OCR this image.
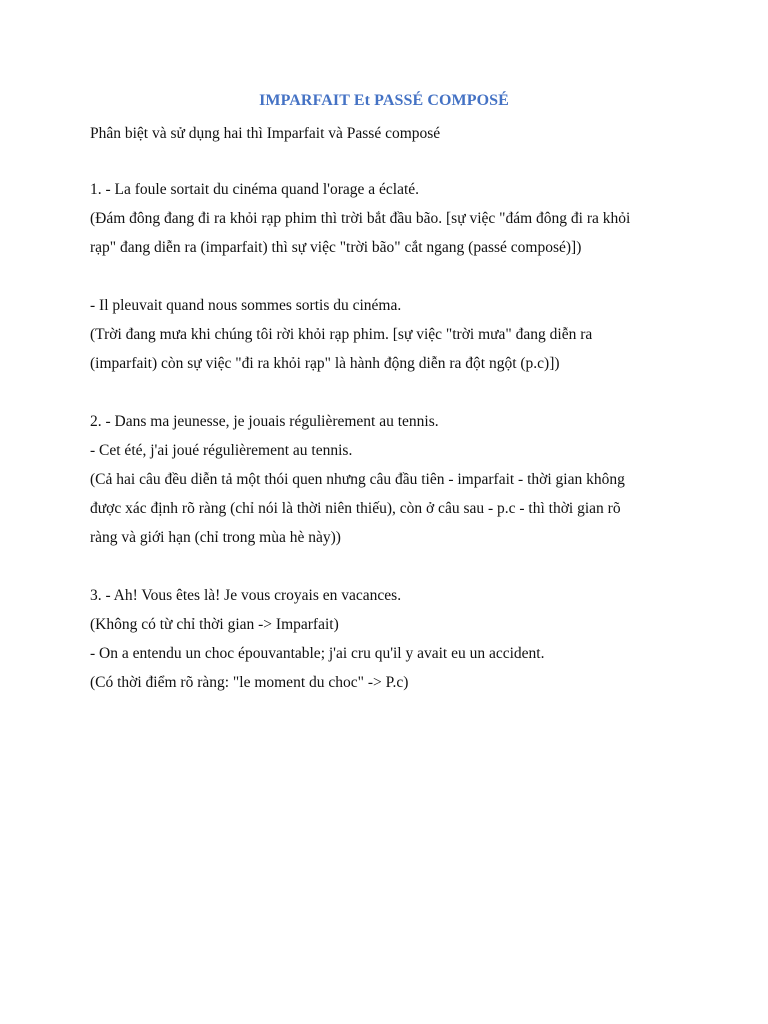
IMPARFAIT Et PASSÉ COMPOSÉ
Phân biệt và sử dụng hai thì Imparfait và Passé composé
1. - La foule sortait du cinéma quand l'orage a éclaté.
(Đám đông đang đi ra khỏi rạp phim thì trời bắt đầu bão. [sự việc "đám đông đi ra khỏi
rạp" đang diễn ra (imparfait) thì sự việc "trời bão" cắt ngang (passé composé)])
- Il pleuvait quand nous sommes sortis du cinéma.
(Trời đang mưa khi chúng tôi rời khỏi rạp phim. [sự việc "trời mưa" đang diễn ra
(imparfait) còn sự việc "đi ra khỏi rạp" là hành động diễn ra đột ngột (p.c)])
2. - Dans ma jeunesse, je jouais régulièrement au tennis.
- Cet été, j'ai joué régulièrement au tennis.
(Cả hai câu đều diễn tả một thói quen nhưng câu đầu tiên - imparfait - thời gian không
được xác định rõ ràng (chỉ nói là thời niên thiếu), còn ở câu sau - p.c - thì thời gian rõ
ràng và giới hạn (chỉ trong mùa hè này))
3. - Ah! Vous êtes là! Je vous croyais en vacances.
(Không có từ chỉ thời gian -> Imparfait)
- On a entendu un choc épouvantable; j'ai cru qu'il y avait eu un accident.
(Có thời điểm rõ ràng: "le moment du choc" -> P.c)
